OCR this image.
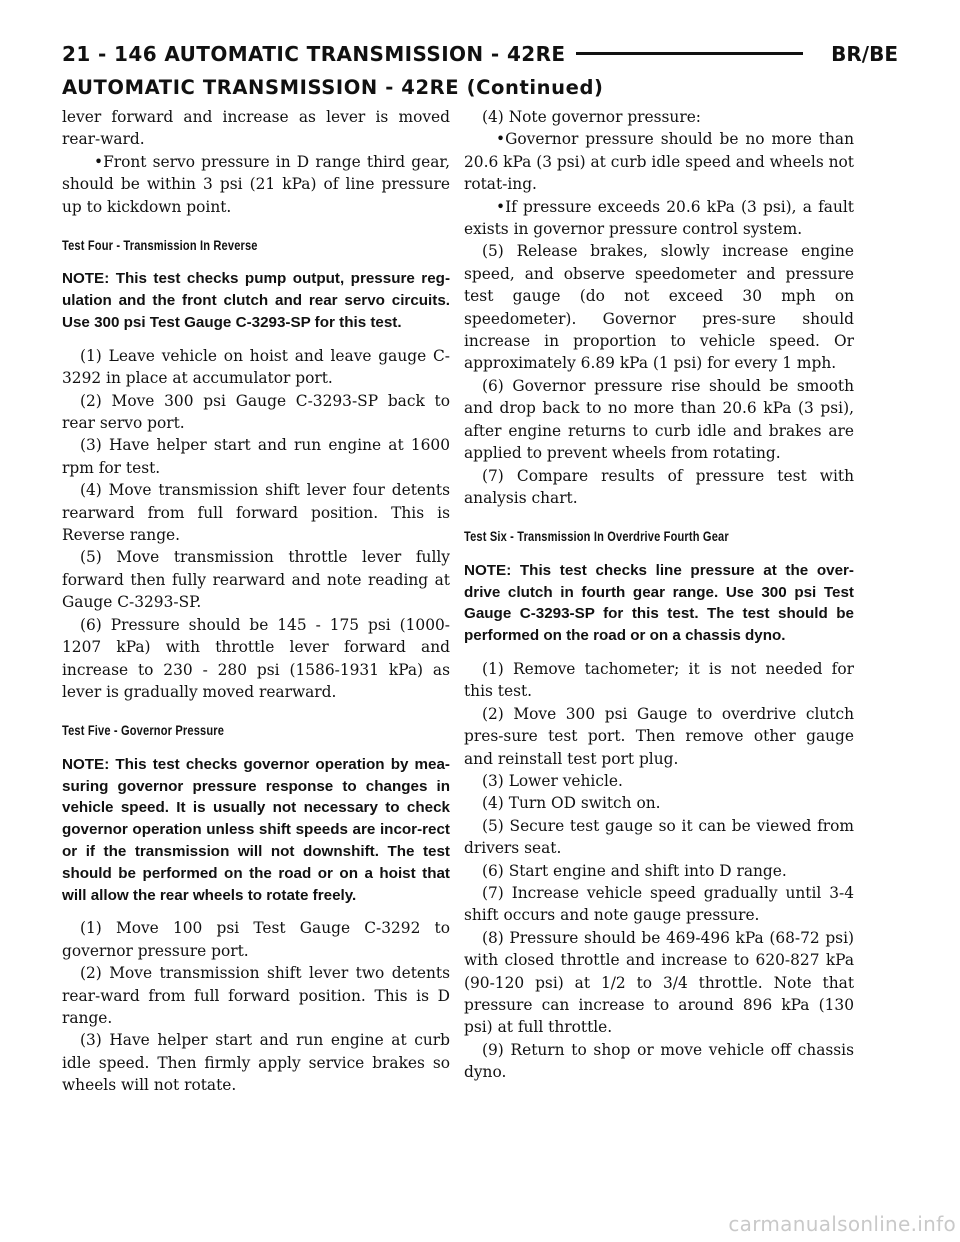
21 - 146 AUTOMATIC TRANSMISSION - 42RE	BR/BE
AUTOMATIC TRANSMISSION - 42RE (Continued)

lever forward and increase as lever is moved rear-ward.

•Front servo pressure in D range third gear, should be within 3 psi (21 kPa) of line pressure up to kickdown point.

Test Four - Transmission In Reverse
NOTE: This test checks pump output, pressure reg-ulation and the front clutch and rear servo circuits. Use 300 psi Test Gauge C-3293-SP for this test.

(1) Leave vehicle on hoist and leave gauge C-3292 in place at accumulator port.

(2) Move 300 psi Gauge C-3293-SP back to rear servo port.

(3) Have helper start and run engine at 1600 rpm for test.

(4) Move transmission shift lever four detents rearward from full forward position. This is Reverse range.

(5) Move transmission throttle lever fully forward then fully rearward and note reading at Gauge C-3293-SP.

(6) Pressure should be 145 - 175 psi (1000-1207 kPa) with throttle lever forward and increase to 230 - 280 psi (1586-1931 kPa) as lever is gradually moved rearward.

Test Five - Governor Pressure
NOTE: This test checks governor operation by mea-suring governor pressure response to changes in vehicle speed. It is usually not necessary to check governor operation unless shift speeds are incor-rect or if the transmission will not downshift. The test should be performed on the road or on a hoist that will allow the rear wheels to rotate freely.

(1) Move 100 psi Test Gauge C-3292 to governor pressure port.

(2) Move transmission shift lever two detents rear-ward from full forward position. This is D range.

(3) Have helper start and run engine at curb idle speed. Then firmly apply service brakes so wheels will not rotate.

(4) Note governor pressure:

•Governor pressure should be no more than 20.6 kPa (3 psi) at curb idle speed and wheels not rotat-ing.

•If pressure exceeds 20.6 kPa (3 psi), a fault exists in governor pressure control system.

(5) Release brakes, slowly increase engine speed, and observe speedometer and pressure test gauge (do not exceed 30 mph on speedometer). Governor pres-sure should increase in proportion to vehicle speed. Or approximately 6.89 kPa (1 psi) for every 1 mph.

(6) Governor pressure rise should be smooth and drop back to no more than 20.6 kPa (3 psi), after engine returns to curb idle and brakes are applied to prevent wheels from rotating.

(7) Compare results of pressure test with analysis chart.

Test Six - Transmission In Overdrive Fourth Gear
NOTE: This test checks line pressure at the over-drive clutch in fourth gear range. Use 300 psi Test Gauge C-3293-SP for this test. The test should be performed on the road or on a chassis dyno.

(1) Remove tachometer; it is not needed for this test.

(2) Move 300 psi Gauge to overdrive clutch pres-sure test port. Then remove other gauge and reinstall test port plug.

(3) Lower vehicle.

(4) Turn OD switch on.

(5) Secure test gauge so it can be viewed from drivers seat.

(6) Start engine and shift into D range.

(7) Increase vehicle speed gradually until 3-4 shift occurs and note gauge pressure.

(8) Pressure should be 469-496 kPa (68-72 psi) with closed throttle and increase to 620-827 kPa (90-120 psi) at 1/2 to 3/4 throttle. Note that pressure can increase to around 896 kPa (130 psi) at full throttle.

(9) Return to shop or move vehicle off chassis dyno.

carmanualsonline.info
